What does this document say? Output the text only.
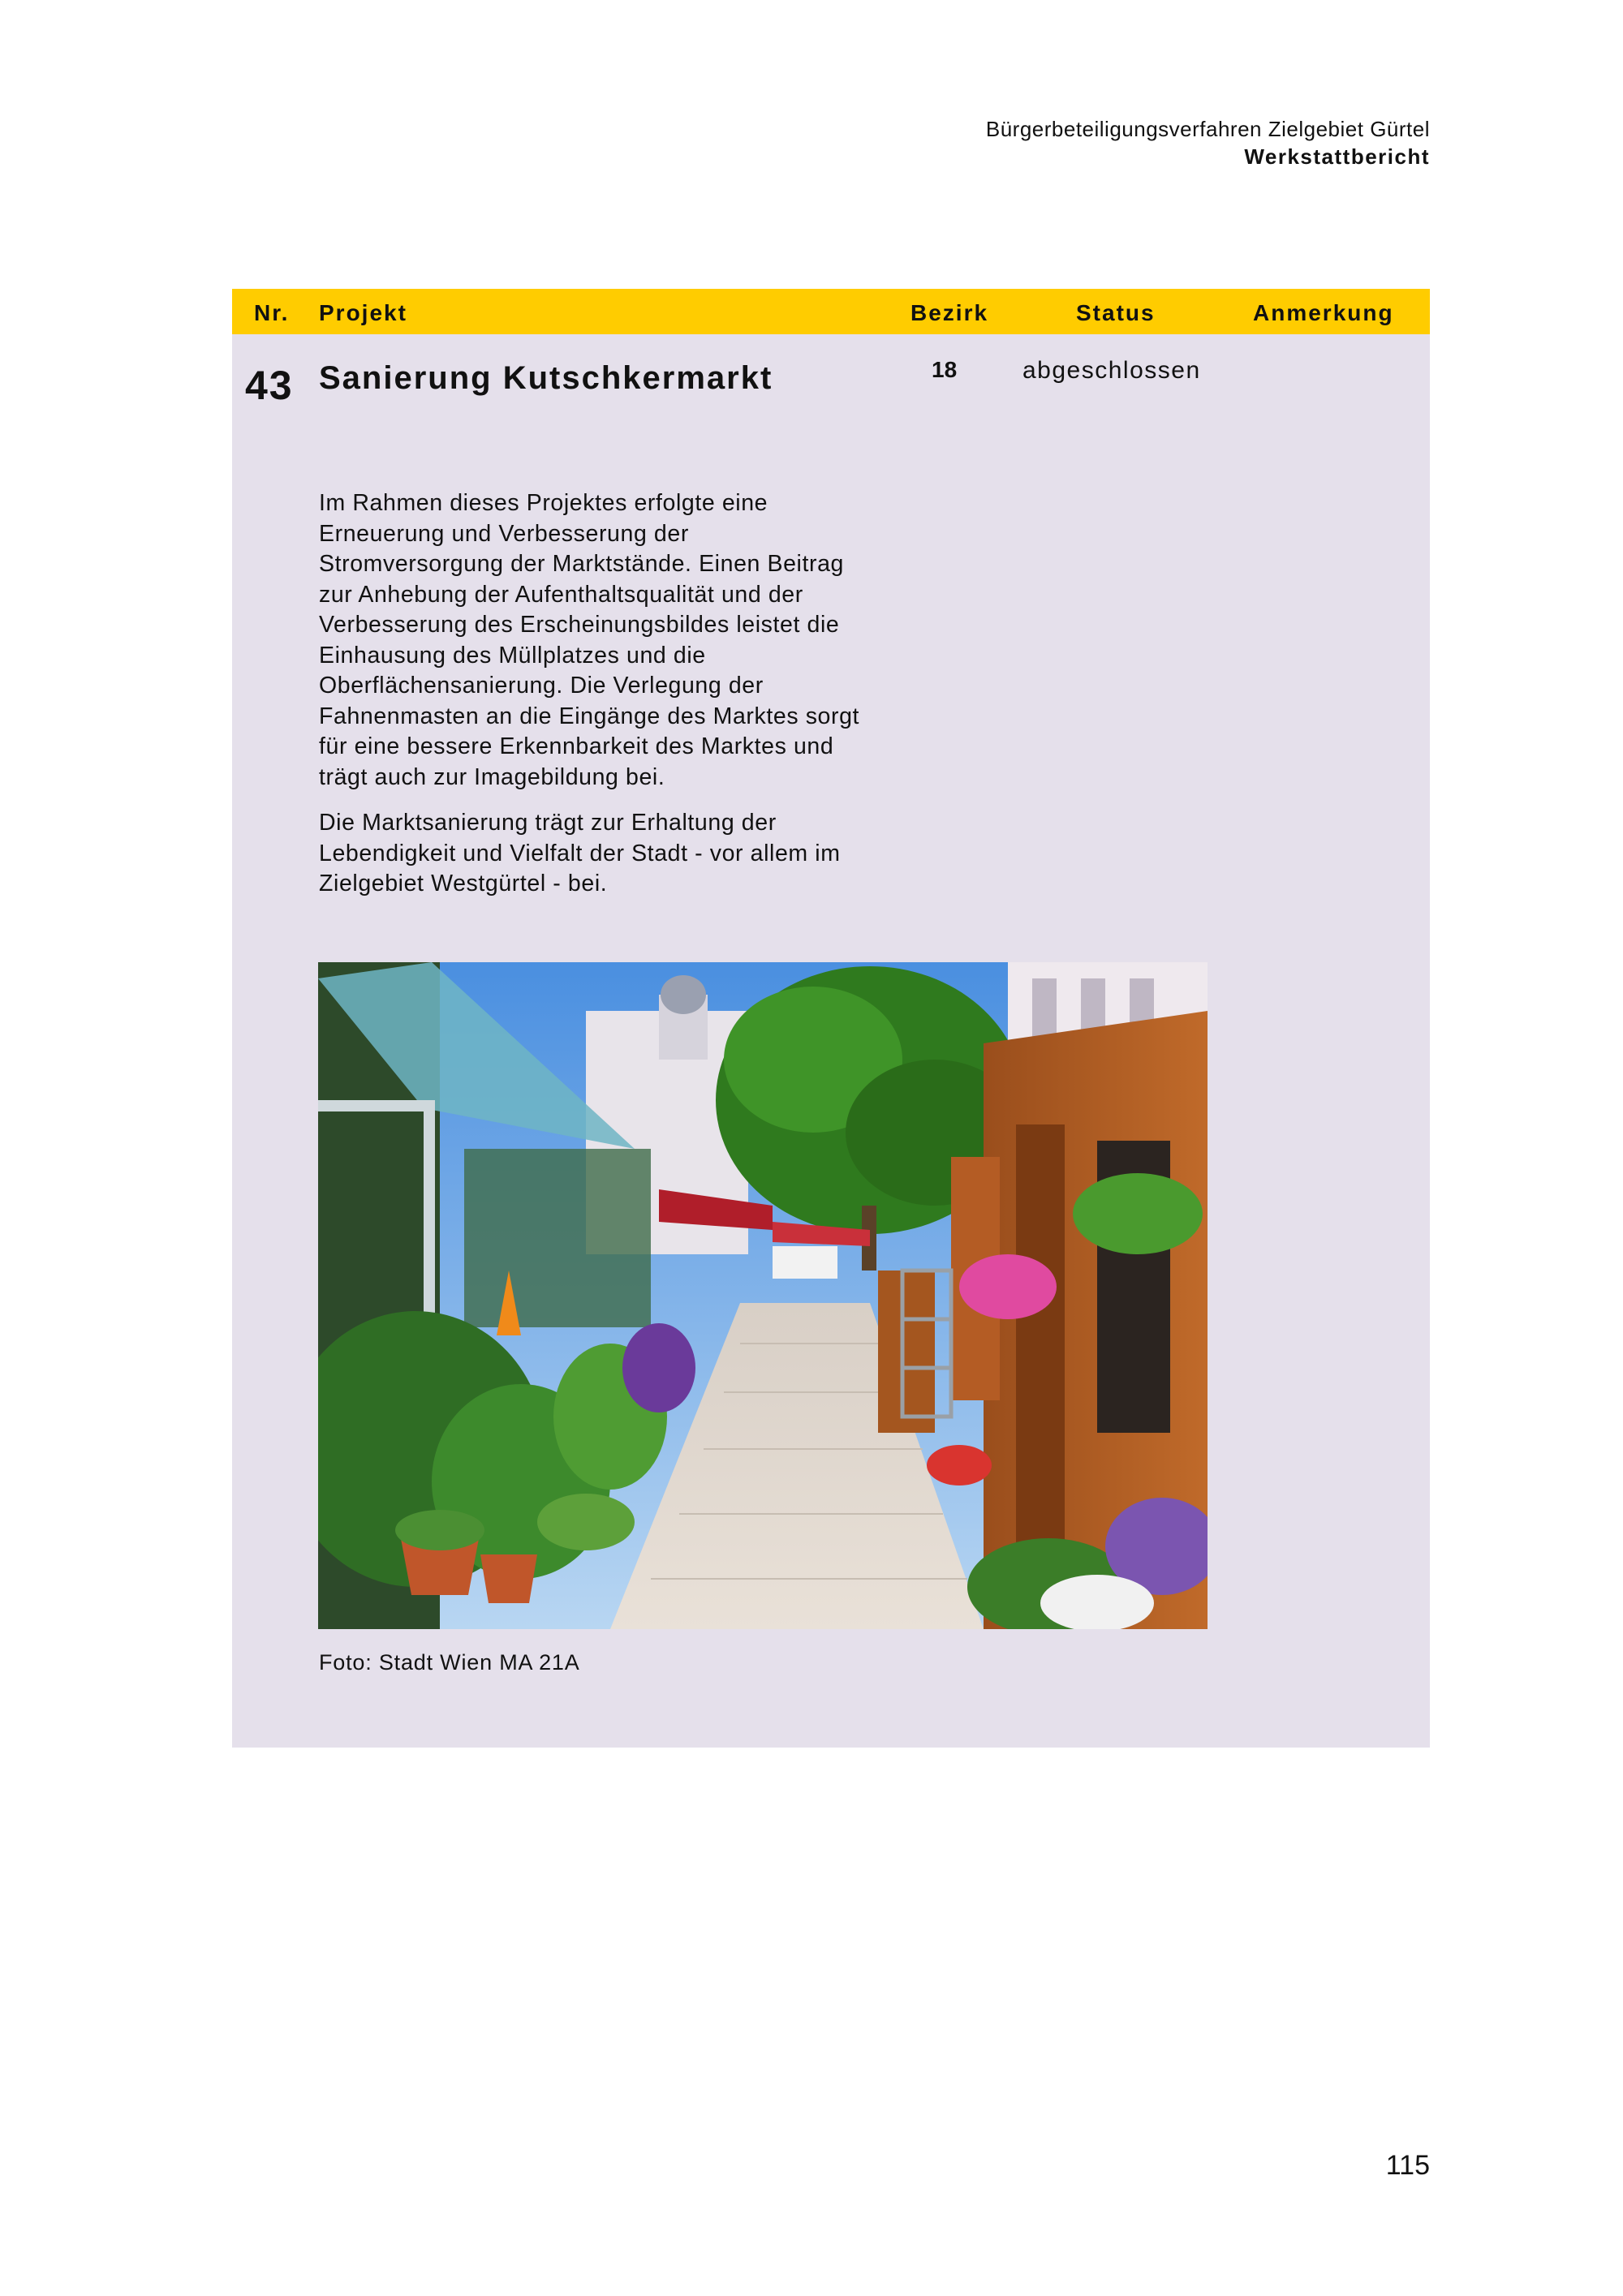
Bürgerbeteiligungsverfahren Zielgebiet Gürtel
Werkstattbericht
Nr. Projekt	Bezirk	Status	Anmerkung
43 Sanierung Kutschkermarkt	18	abgeschlossen

Im Rahmen dieses Projektes erfolgte eine Erneuerung und Verbesserung der Stromversorgung der Marktstände. Einen Beitrag zur Anhebung der Aufenthaltsqualität und der Verbesserung des Erscheinungsbildes leistet die Einhausung des Müllplatzes und die Oberflächensanierung. Die Verlegung der Fahnenmasten an die Eingänge des Marktes sorgt für eine bessere Erkennbarkeit des Marktes und trägt auch zur Imagebildung bei.

Die Marktsanierung trägt zur Erhaltung der Lebendigkeit und Vielfalt der Stadt - vor allem im Zielgebiet Westgürtel - bei.

Foto: Stadt Wien MA 21A
115
